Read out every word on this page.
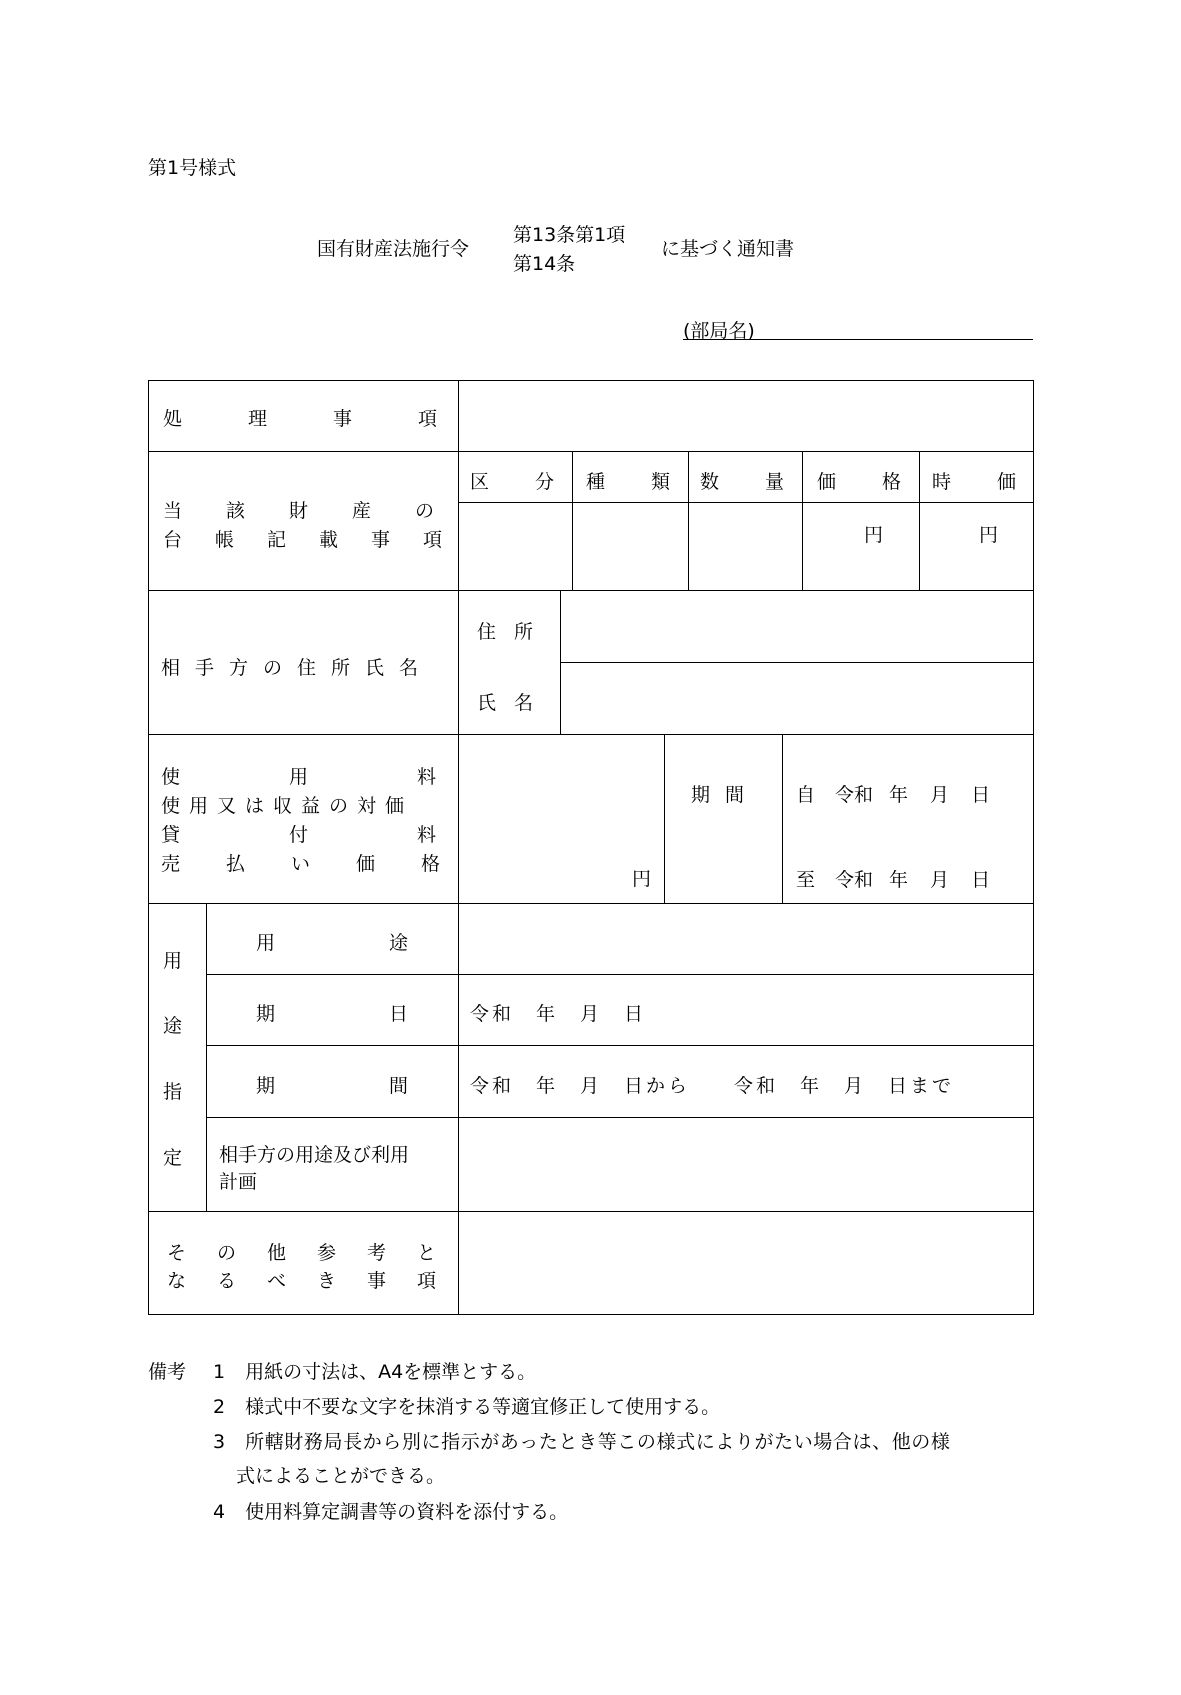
第1号様式
国有財産法施行令
第13条第1項
第14条
に基づく通知書
(部局名)
処理事項
当該財産の
台帳記載事項
区分
種類
数量
価格
時価
円	円
相手方の住所氏名
住所
氏名
使用料
使用又は収益の対価
貸付料
売払い価格
円
期間 自 令和 年 月 日
至 令和 年 月 日
用
途
指
定
用途
期日
期間
相手方の用途及び利用
計画
令和　年　月　日
令和　年　月　日から　　令和　年　月　日まで
その他参考と
なるべき事項
備考 1 用紙の寸法は、A4を標準とする。
2 様式中不要な文字を抹消する等適宜修正して使用する。
3 所轄財務局長から別に指示があったとき等この様式によりがたい場合は、他の様
式によることができる。
4 使用料算定調書等の資料を添付する。
